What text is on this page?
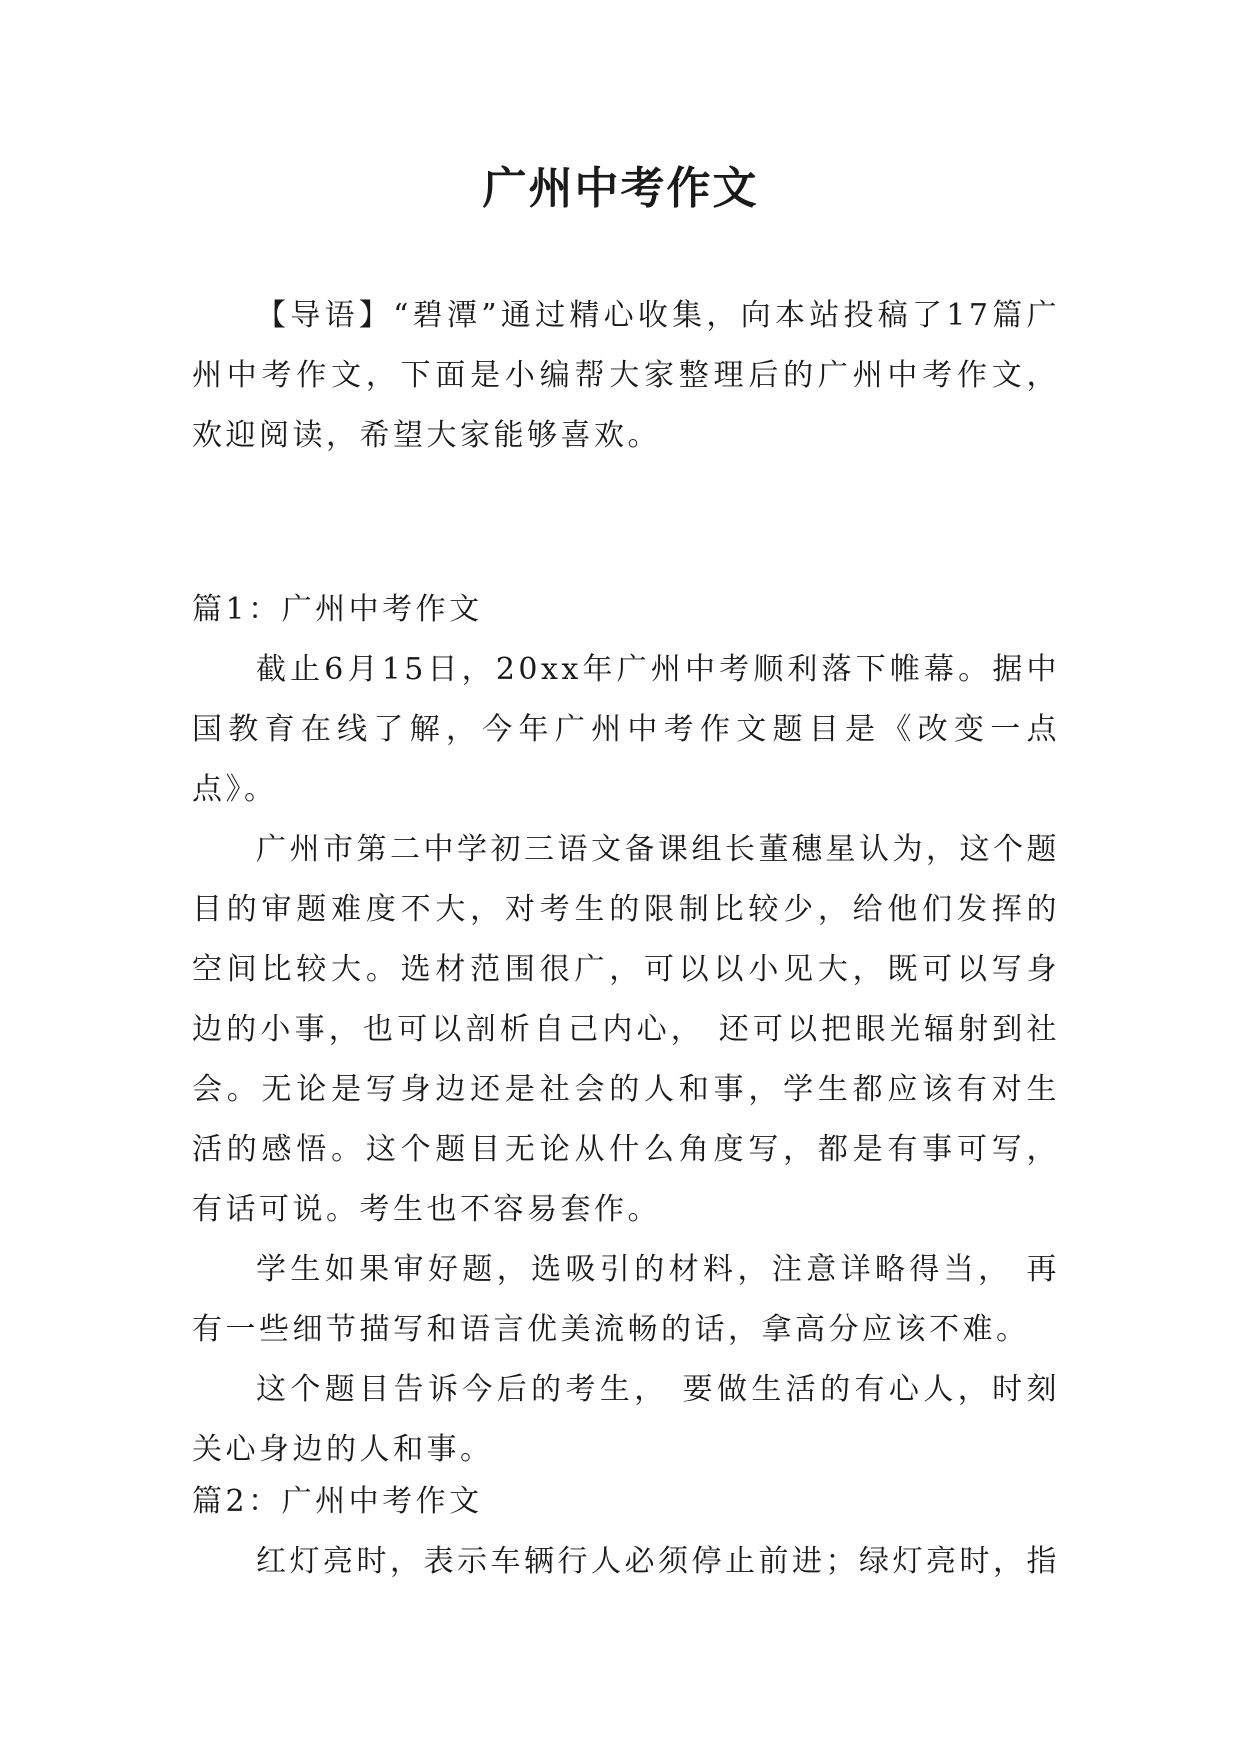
广州中考作文

【导语】“碧潭”通过精心收集，向本站投稿了17篇广州中考作文，下面是小编帮大家整理后的广州中考作文，欢迎阅读，希望大家能够喜欢。

篇1：广州中考作文

截止6月15日，20xx年广州中考顺利落下帷幕。据中国教育在线了解，今年广州中考作文题目是《改变一点点》。

广州市第二中学初三语文备课组长董穗星认为，这个题目的审题难度不大，对考生的限制比较少，给他们发挥的空间比较大。选材范围很广，可以以小见大，既可以写身边的小事，也可以剖析自己内心， 还可以把眼光辐射到社会。无论是写身边还是社会的人和事，学生都应该有对生活的感悟。这个题目无论从什么角度写，都是有事可写，有话可说。考生也不容易套作。

学生如果审好题，选吸引的材料，注意详略得当， 再有一些细节描写和语言优美流畅的话，拿高分应该不难。

这个题目告诉今后的考生， 要做生活的有心人，时刻关心身边的人和事。

篇2：广州中考作文

红灯亮时，表示车辆行人必须停止前进；绿灯亮时，指
